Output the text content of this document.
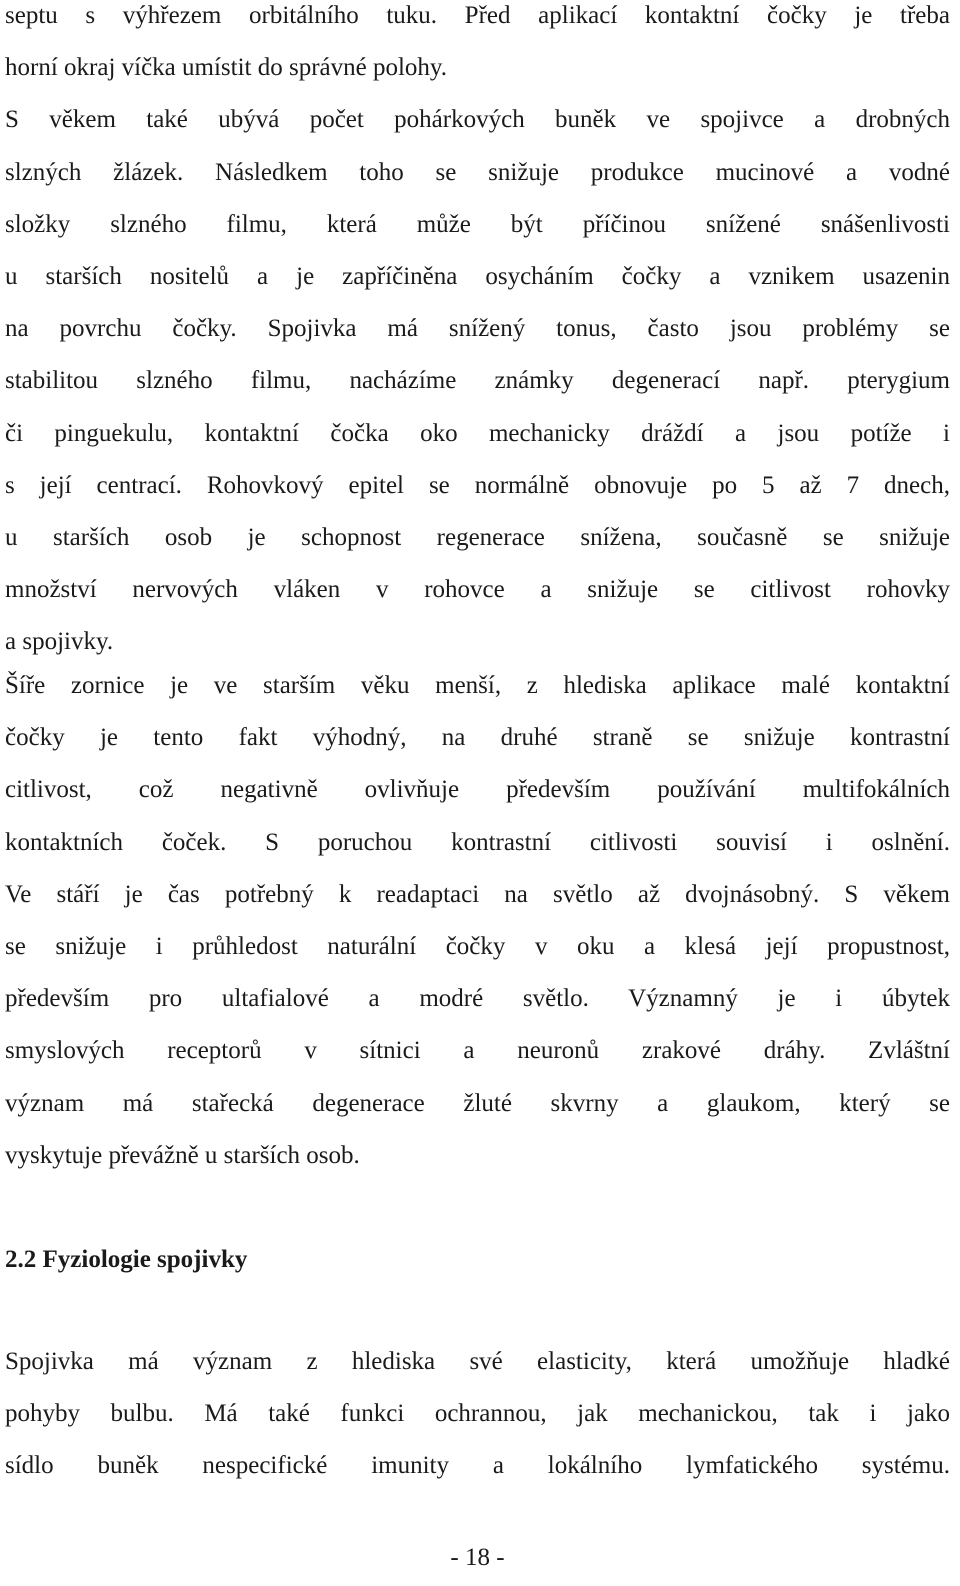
septu s výhřezem orbitálního tuku. Před aplikací kontaktní čočky je třeba
horní okraj víčka umístit do správné polohy.
S věkem také ubývá počet pohárkových buněk ve spojivce a drobných
slzných žlázek. Následkem toho se snižuje produkce mucinové a vodné
složky slzného filmu, která může být příčinou snížené snášenlivosti
u starších nositelů a je zapříčiněna osycháním čočky a vznikem usazenin
na povrchu čočky. Spojivka má snížený tonus, často jsou problémy se
stabilitou slzného filmu, nacházíme známky degenerací např. pterygium
či pinguekulu, kontaktní čočka oko mechanicky dráždí a jsou potíže i
s její centrací. Rohovkový epitel se normálně obnovuje po 5 až 7 dnech,
u starších osob je schopnost regenerace snížena, současně se snižuje
množství nervových vláken v rohovce a snižuje se citlivost rohovky
a spojivky.

Šíře zornice je ve starším věku menší, z hlediska aplikace malé kontaktní
čočky je tento fakt výhodný, na druhé straně se snižuje kontrastní
citlivost, což negativně ovlivňuje především používání multifokálních
kontaktních čoček. S poruchou kontrastní citlivosti souvisí i oslnění.
Ve stáří je čas potřebný k readaptaci na světlo až dvojnásobný. S věkem
se snižuje i průhledost naturální čočky v oku a klesá její propustnost,
především pro ultafialové a modré světlo. Významný je i úbytek
smyslových receptorů v sítnici a neuronů zrakové dráhy. Zvláštní
význam má stařecká degenerace žluté skvrny a glaukom, který se
vyskytuje převážně u starších osob.

2.2 Fyziologie spojivky

Spojivka má význam z hlediska své elasticity, která umožňuje hladké
pohyby bulbu. Má také funkci ochrannou, jak mechanickou, tak i jako
sídlo buněk nespecifické imunity a lokálního lymfatického systému.

- 18 -
